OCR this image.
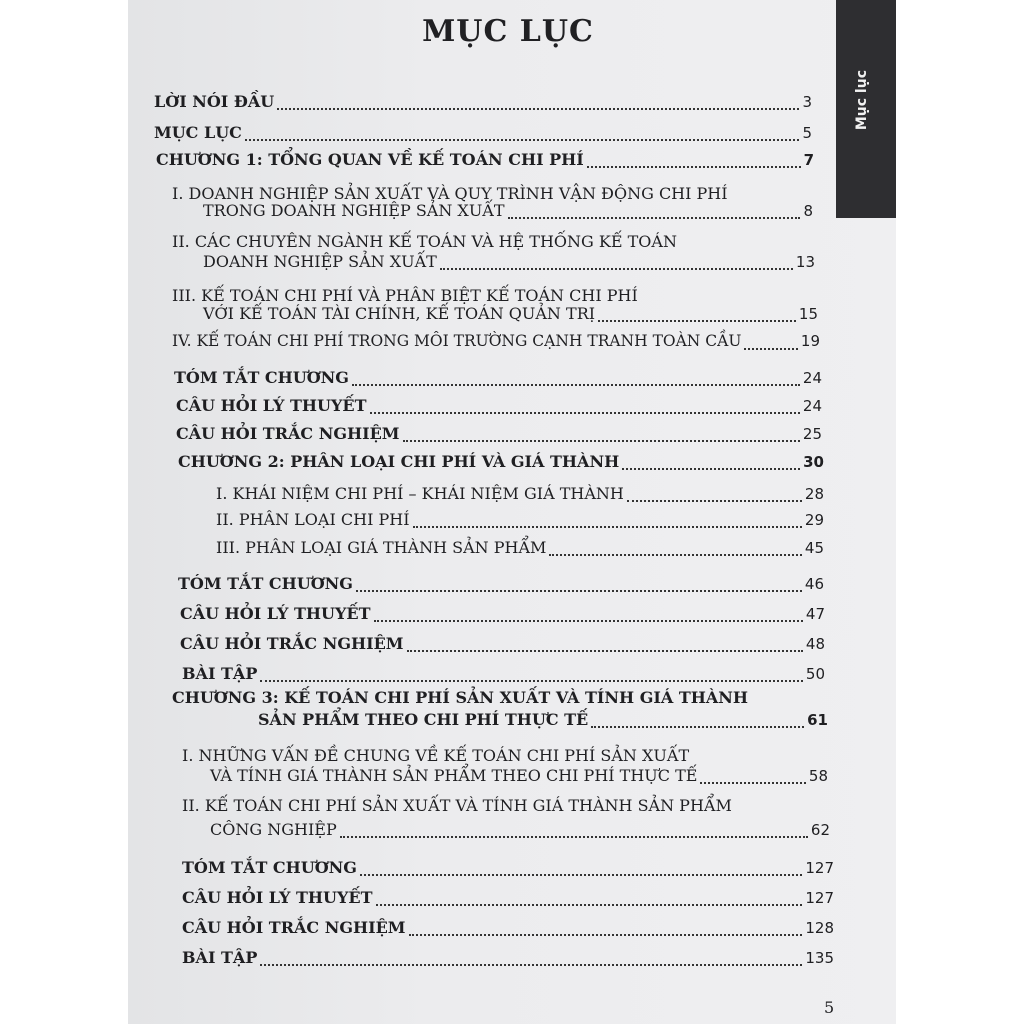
Mục lục
MỤC LỤC
LỜI NÓI ĐẦU	3
MỤC LỤC	5
CHƯƠNG 1: TỔNG QUAN VỀ KẾ TOÁN CHI PHÍ	7
I. DOANH NGHIỆP SẢN XUẤT VÀ QUY TRÌNH VẬN ĐỘNG CHI PHÍ
TRONG DOANH NGHIỆP SẢN XUẤT	8
II. CÁC CHUYÊN NGÀNH KẾ TOÁN VÀ HỆ THỐNG KẾ TOÁN
DOANH NGHIỆP SẢN XUẤT	13
III. KẾ TOÁN CHI PHÍ VÀ PHÂN BIỆT KẾ TOÁN CHI PHÍ
VỚI KẾ TOÁN TÀI CHÍNH, KẾ TOÁN QUẢN TRỊ	15
IV. KẾ TOÁN CHI PHÍ TRONG MÔI TRƯỜNG CẠNH TRANH TOÀN CẦU	19
TÓM TẮT CHƯƠNG	24
CÂU HỎI LÝ THUYẾT	24
CÂU HỎI TRẮC NGHIỆM	25
CHƯƠNG 2: PHÂN LOẠI CHI PHÍ VÀ GIÁ THÀNH	30
I. KHÁI NIỆM CHI PHÍ – KHÁI NIỆM GIÁ THÀNH	28
II. PHÂN LOẠI CHI PHÍ	29
III. PHÂN LOẠI GIÁ THÀNH SẢN PHẨM	45
TÓM TẮT CHƯƠNG	46
CÂU HỎI LÝ THUYẾT	47
CÂU HỎI TRẮC NGHIỆM	48
BÀI TẬP	50
CHƯƠNG 3: KẾ TOÁN CHI PHÍ SẢN XUẤT VÀ TÍNH GIÁ THÀNH
SẢN PHẨM THEO CHI PHÍ THỰC TẾ	61
I. NHỮNG VẤN ĐỀ CHUNG VỀ KẾ TOÁN CHI PHÍ SẢN XUẤT
VÀ TÍNH GIÁ THÀNH SẢN PHẨM THEO CHI PHÍ THỰC TẾ	58
II. KẾ TOÁN CHI PHÍ SẢN XUẤT VÀ TÍNH GIÁ THÀNH SẢN PHẨM
CÔNG NGHIỆP	62
TÓM TẮT CHƯƠNG	127
CÂU HỎI LÝ THUYẾT	127
CÂU HỎI TRẮC NGHIỆM	128
BÀI TẬP	135
5
